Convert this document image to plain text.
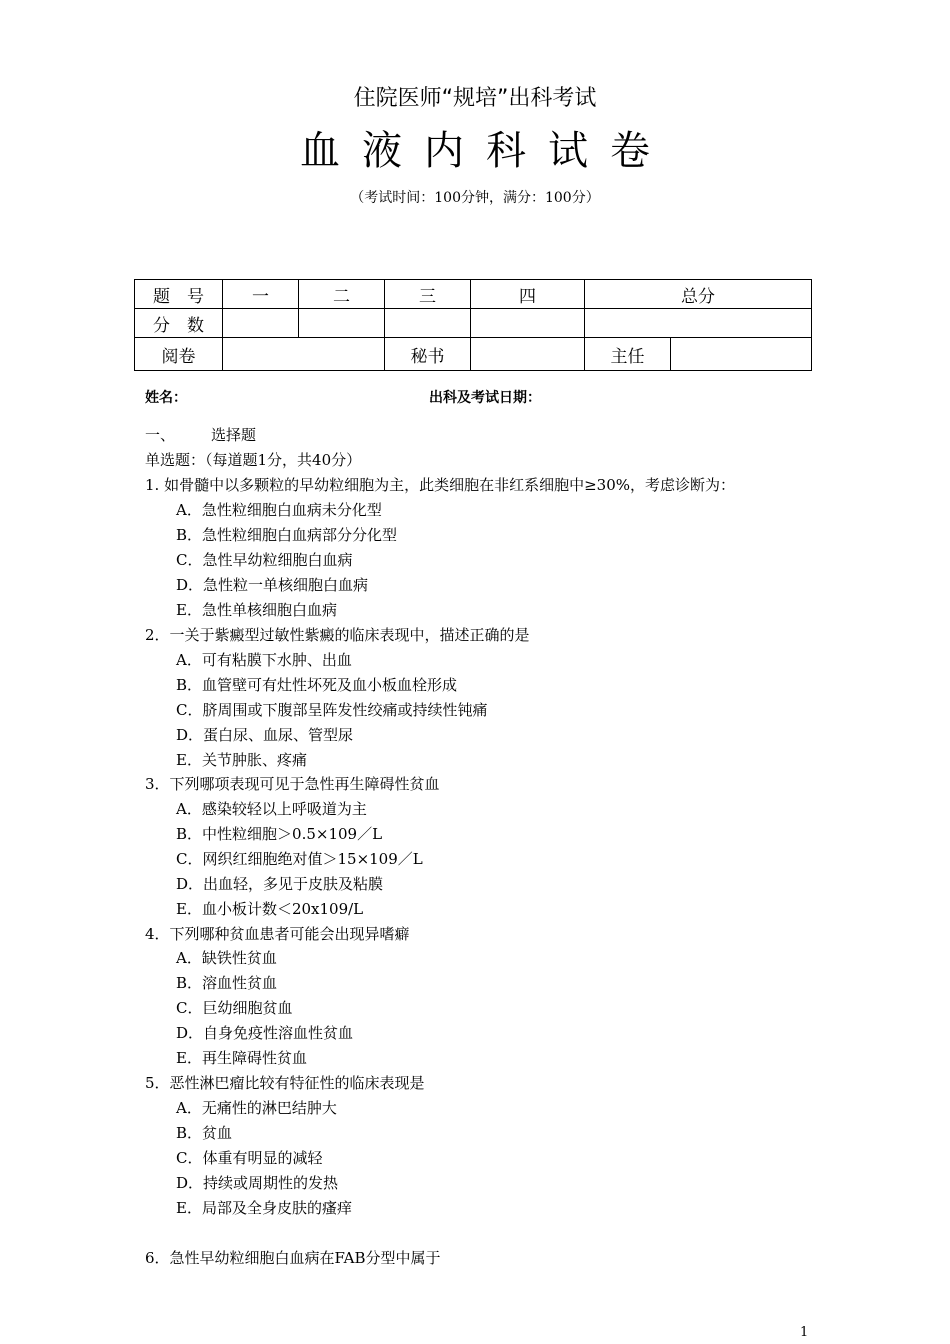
住院医师“规培”出科考试
血液内科试卷
（考试时间：100分钟，满分：100分）
题　号	一	二	三	四	总分	
分　数						
阅卷			秘书		主任	
姓名：	出科及考试日期：
一、 选择题
单选题：（每道题1分，共40分）
1. 如骨髓中以多颗粒的早幼粒细胞为主，此类细胞在非红系细胞中≥30%，考虑诊断为：
A．急性粒细胞白血病未分化型
B．急性粒细胞白血病部分分化型
C．急性早幼粒细胞白血病
D．急性粒一单核细胞白血病
E．急性单核细胞白血病
2．一关于紫癜型过敏性紫癜的临床表现中，描述正确的是
A．可有粘膜下水肿、出血
B．血管壁可有灶性坏死及血小板血栓形成
C．脐周围或下腹部呈阵发性绞痛或持续性钝痛
D．蛋白尿、血尿、管型尿
E．关节肿胀、疼痛
3．下列哪项表现可见于急性再生障碍性贫血
A．感染较轻以上呼吸道为主
B．中性粒细胞＞0.5×109／L
C．网织红细胞绝对值＞15×109／L
D．出血轻，多见于皮肤及粘膜
E．血小板计数＜20x109/L
4．下列哪种贫血患者可能会出现异嗜癖
A．缺铁性贫血
B．溶血性贫血
C．巨幼细胞贫血
D．自身免疫性溶血性贫血
E．再生障碍性贫血
5．恶性淋巴瘤比较有特征性的临床表现是
A．无痛性的淋巴结肿大
B．贫血
C．体重有明显的减轻
D．持续或周期性的发热
E．局部及全身皮肤的瘙痒
6．急性早幼粒细胞白血病在FAB分型中属于
1
